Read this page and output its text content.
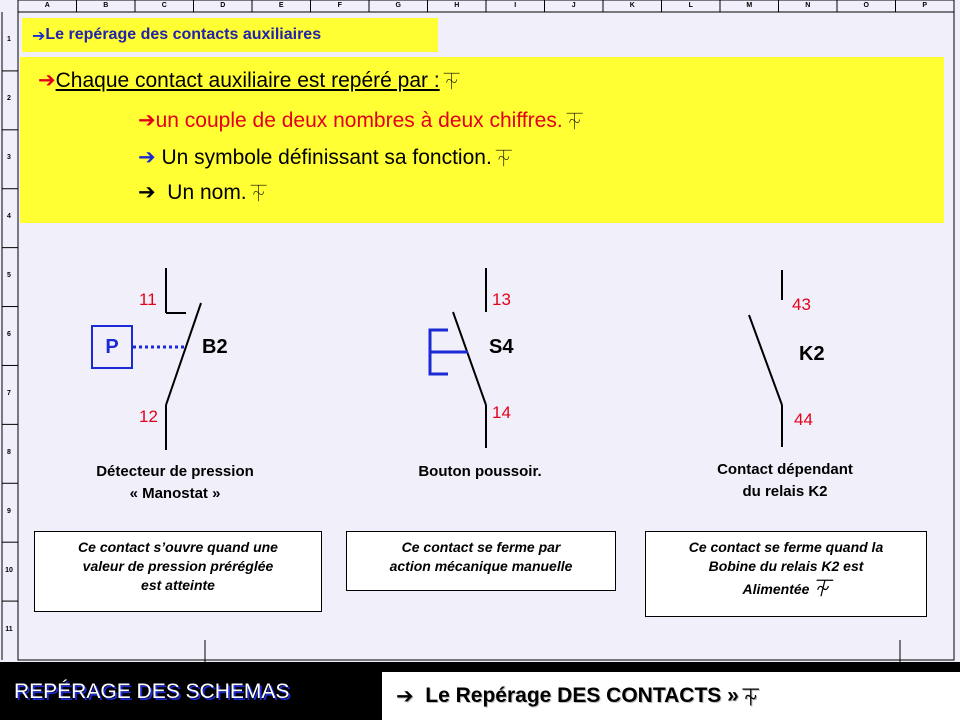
A	B	C	D	E	F	G	H	I	J	K	L	M	N	O	P
1
2
3
4
5
6
7
8
9
10
11
➔ Le repérage des contacts auxiliaires
➔Chaque contact auxiliaire est repéré par : ⏇
➔un couple de deux nombres à deux chiffres. ⏇
➔ Un symbole définissant sa fonction. ⏇
➔ Un nom. ⏇
P
11
12
B2
Détecteur de pression
« Manostat »
Ce contact s’ouvre quand une
valeur de pression préréglée
est atteinte
13
14
S4
Bouton poussoir.
Ce contact se ferme par
action mécanique manuelle
43
44
K2
Contact dépendant
du relais K2
Ce contact se ferme quand la
Bobine du relais K2 est
Alimentée ⏇
REPÉRAGE DES SCHEMAS	➔
Le Repérage DES CONTACTS » ⏇
